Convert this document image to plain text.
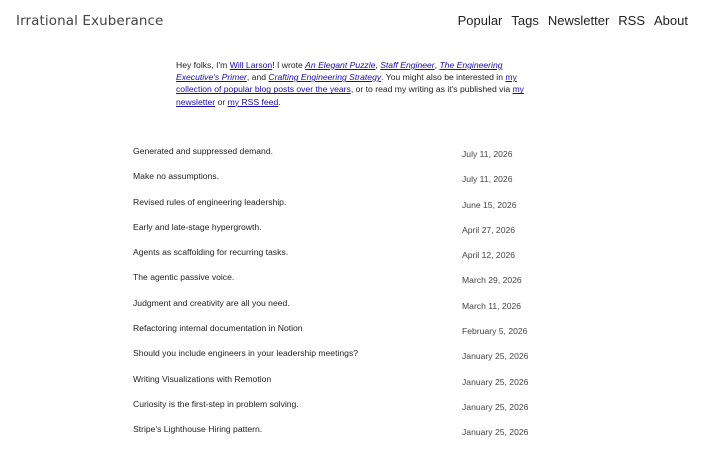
Irrational Exuberance	Popular Tags Newsletter RSS About

Hey folks, I'm Will Larson! I wrote An Elegant Puzzle, Staff Engineer, The Engineering Executive's Primer, and Crafting Engineering Strategy. You might also be interested in my collection of popular blog posts over the years, or to read my writing as it's published via my newsletter or my RSS feed.

Generated and suppressed demand.	July 11, 2026
Make no assumptions.	July 11, 2026
Revised rules of engineering leadership.	June 15, 2026
Early and late-stage hypergrowth.	April 27, 2026
Agents as scaffolding for recurring tasks.	April 12, 2026
The agentic passive voice.	March 29, 2026
Judgment and creativity are all you need.	March 11, 2026
Refactoring internal documentation in Notion	February 5, 2026
Should you include engineers in your leadership meetings?	January 25, 2026
Writing Visualizations with Remotion	January 25, 2026
Curiosity is the first-step in problem solving.	January 25, 2026
Stripe's Lighthouse Hiring pattern.	January 25, 2026
